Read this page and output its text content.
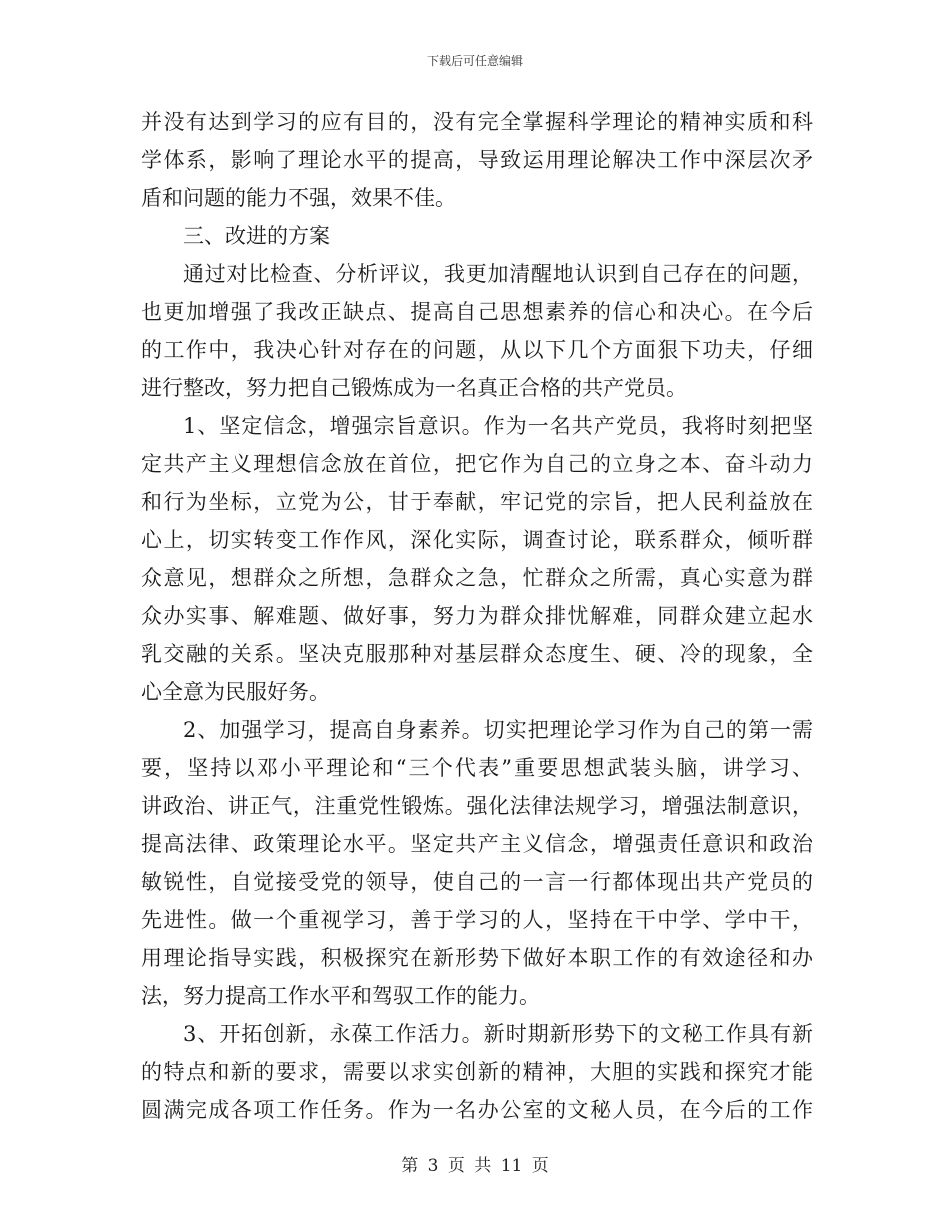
下载后可任意编辑
并没有达到学习的应有目的，没有完全掌握科学理论的精神实质和科
学体系，影响了理论水平的提高，导致运用理论解决工作中深层次矛
盾和问题的能力不强，效果不佳。
三、改进的方案
通过对比检查、分析评议，我更加清醒地认识到自己存在的问题，
也更加增强了我改正缺点、提高自己思想素养的信心和决心。在今后
的工作中，我决心针对存在的问题，从以下几个方面狠下功夫，仔细
进行整改，努力把自己锻炼成为一名真正合格的共产党员。
1、坚定信念，增强宗旨意识。作为一名共产党员，我将时刻把坚
定共产主义理想信念放在首位，把它作为自己的立身之本、奋斗动力
和行为坐标，立党为公，甘于奉献，牢记党的宗旨，把人民利益放在
心上，切实转变工作作风，深化实际，调查讨论，联系群众，倾听群
众意见，想群众之所想，急群众之急，忙群众之所需，真心实意为群
众办实事、解难题、做好事，努力为群众排忧解难，同群众建立起水
乳交融的关系。坚决克服那种对基层群众态度生、硬、冷的现象，全
心全意为民服好务。
2、加强学习，提高自身素养。切实把理论学习作为自己的第一需
要，坚持以邓小平理论和“三个代表”重要思想武装头脑，讲学习、
讲政治、讲正气，注重党性锻炼。强化法律法规学习，增强法制意识，
提高法律、政策理论水平。坚定共产主义信念，增强责任意识和政治
敏锐性，自觉接受党的领导，使自己的一言一行都体现出共产党员的
先进性。做一个重视学习，善于学习的人，坚持在干中学、学中干，
用理论指导实践，积极探究在新形势下做好本职工作的有效途径和办
法，努力提高工作水平和驾驭工作的能力。
3、开拓创新，永葆工作活力。新时期新形势下的文秘工作具有新
的特点和新的要求，需要以求实创新的精神，大胆的实践和探究才能
圆满完成各项工作任务。作为一名办公室的文秘人员，在今后的工作
第 3 页 共 11 页
